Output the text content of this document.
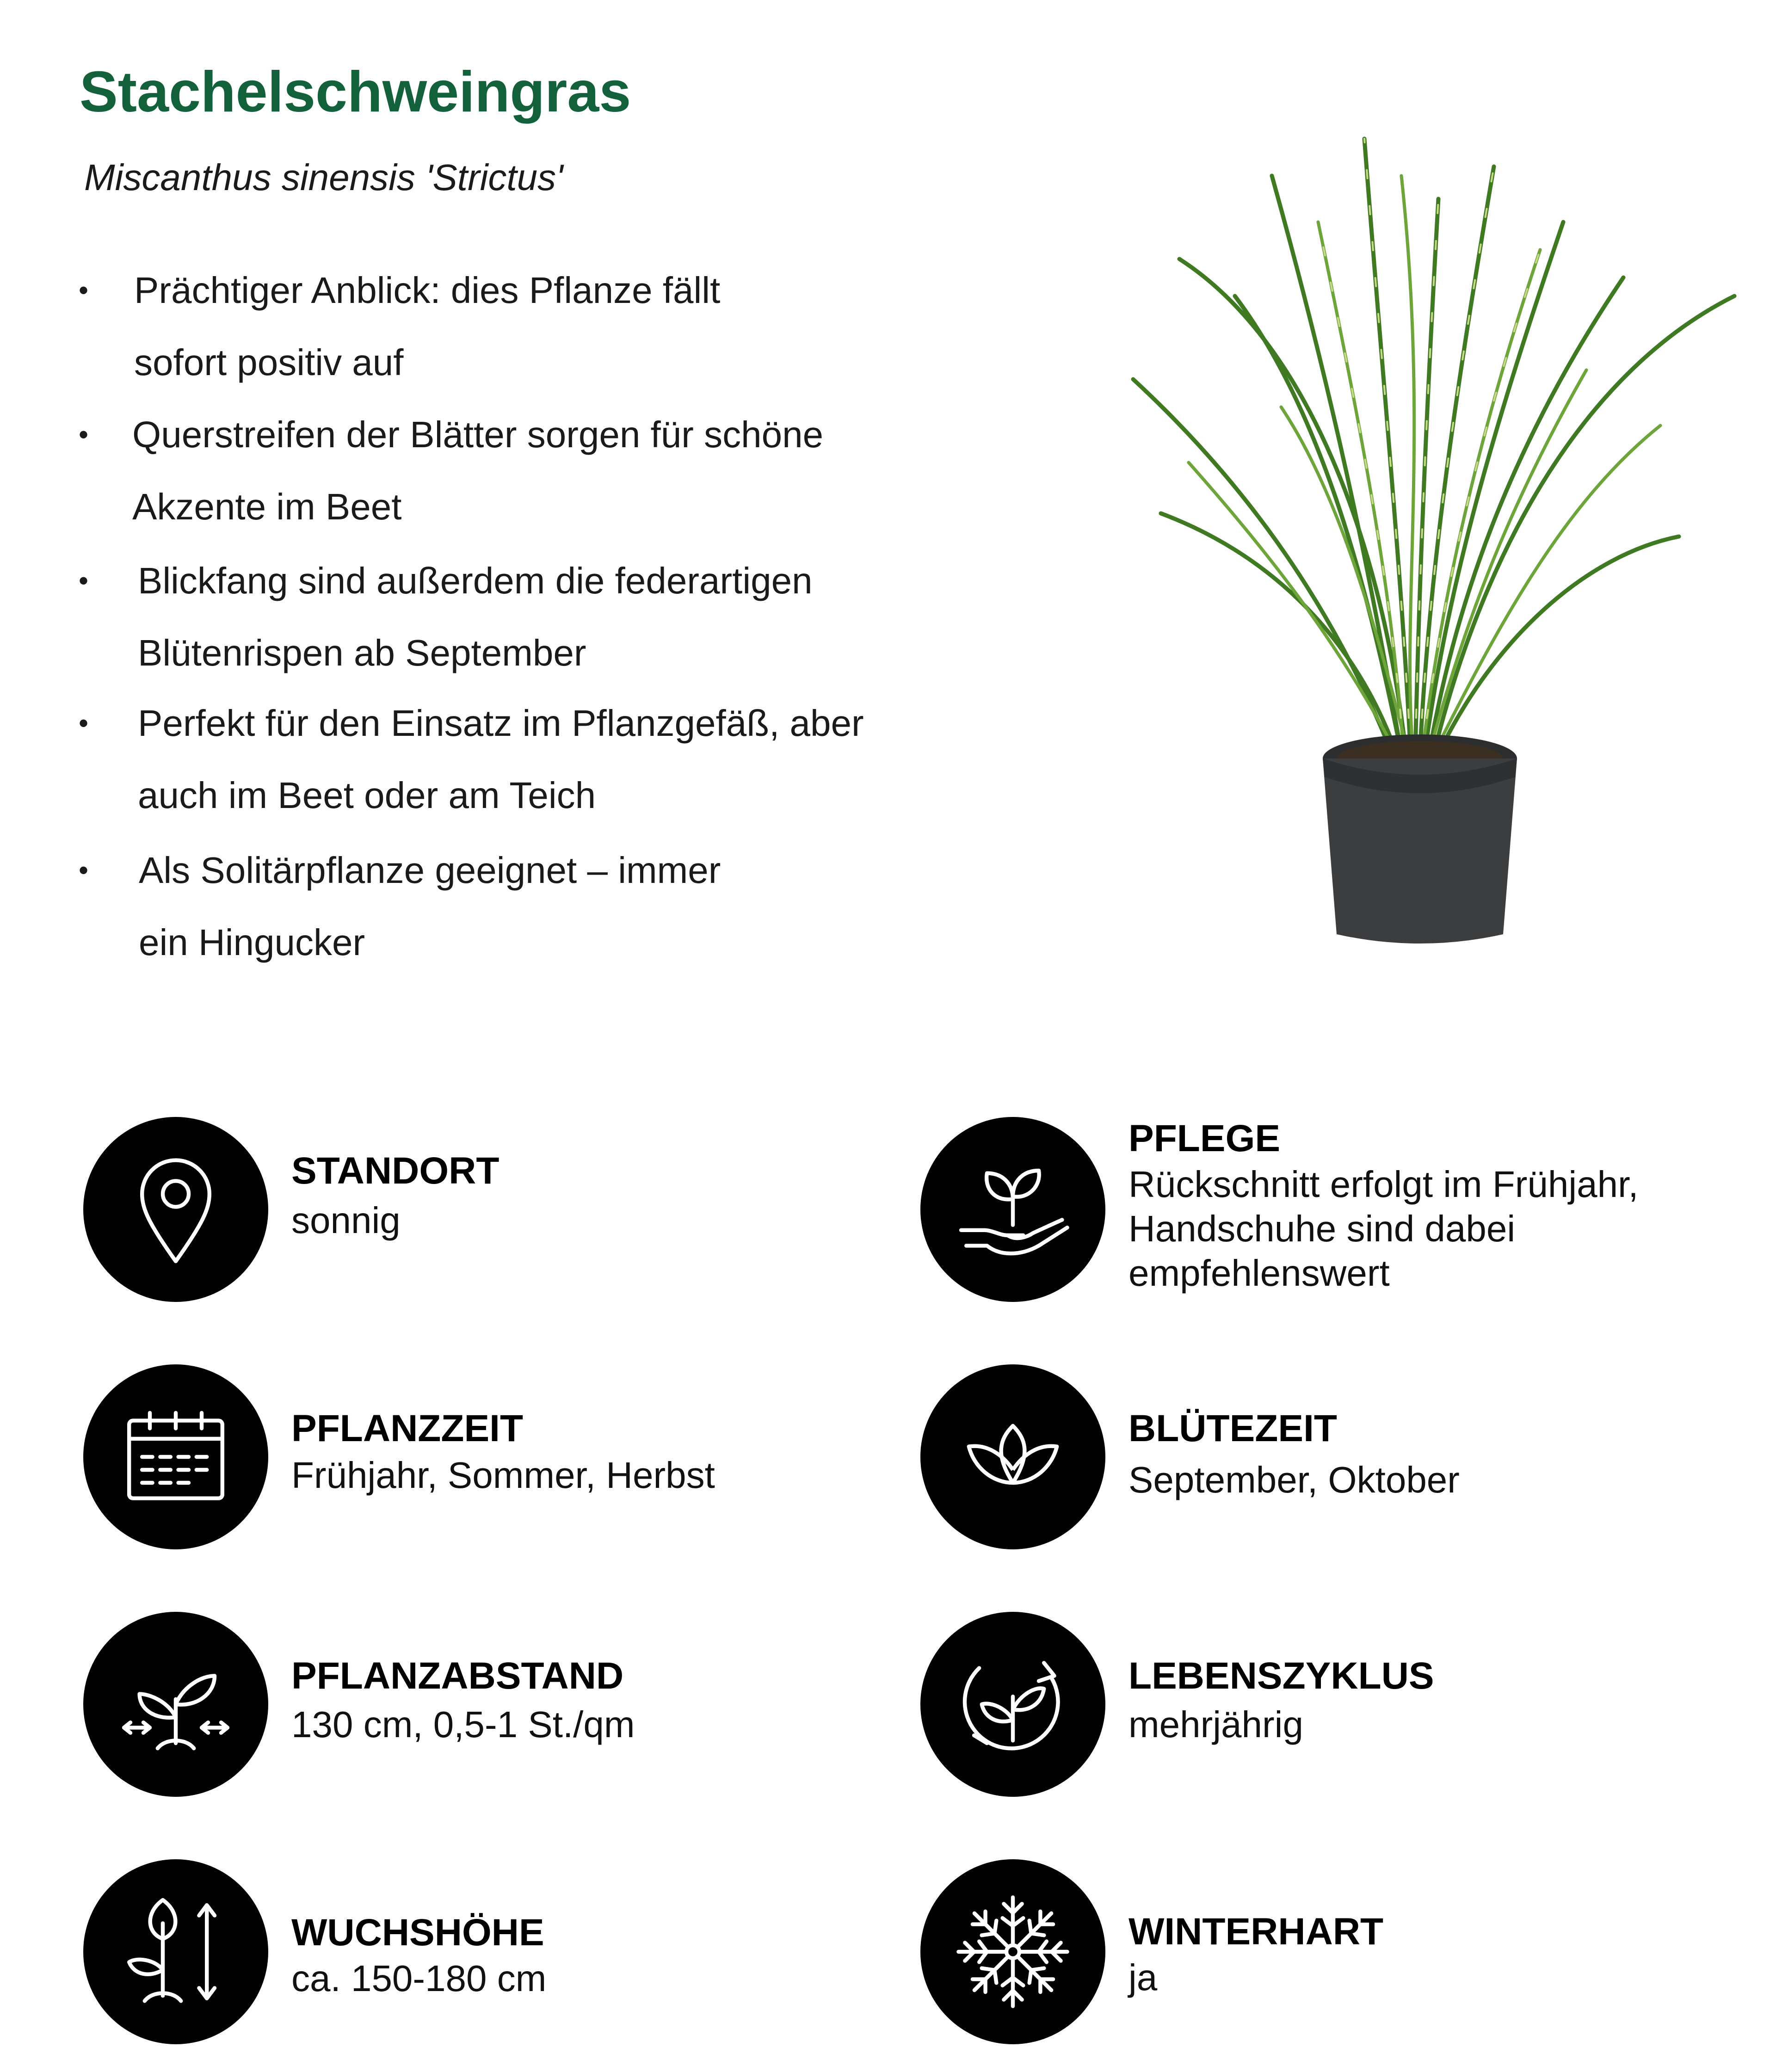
Stachelschweingras
Miscanthus sinensis 'Strictus'
• Prächtiger Anblick: dies Pflanze fällt
sofort positiv auf
• Querstreifen der Blätter sorgen für schöne
Akzente im Beet
• Blickfang sind außerdem die federartigen
Blütenrispen ab September
• Perfekt für den Einsatz im Pflanzgefäß, aber
auch im Beet oder am Teich
• Als Solitärpflanze geeignet – immer
ein Hingucker
STANDORT
sonnig
PFLEGE
Rückschnitt erfolgt im Frühjahr,
Handschuhe sind dabei
empfehlenswert
PFLANZZEIT
Frühjahr, Sommer, Herbst
BLÜTEZEIT
September, Oktober
PFLANZABSTAND
130 cm, 0,5-1 St./qm
LEBENSZYKLUS
mehrjährig
WUCHSHÖHE
ca. 150-180 cm
WINTERHART
ja
